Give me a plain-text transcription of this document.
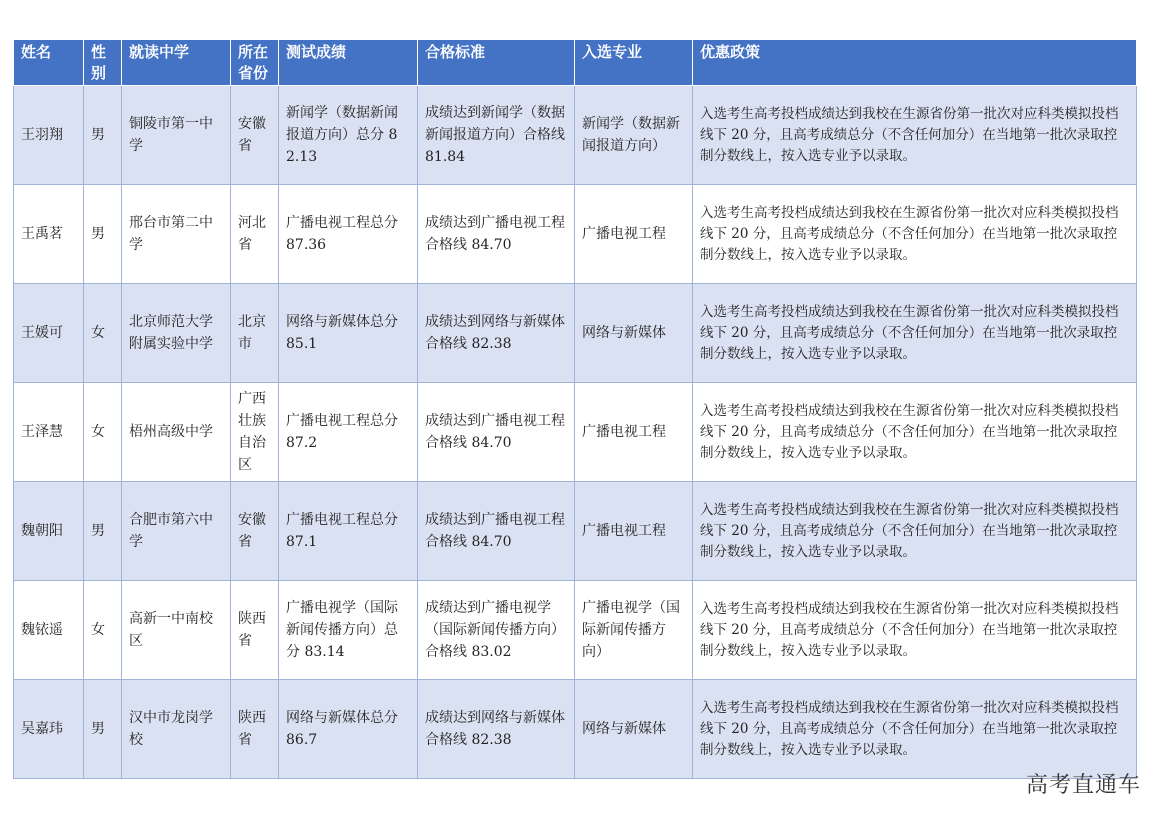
姓名	性别	就读中学	所在省份	测试成绩	合格标准	入选专业	优惠政策
王羽翔	男	铜陵市第一中学	安徽省	新闻学（数据新闻报道方向）总分 82.13	成绩达到新闻学（数据新闻报道方向）合格线 81.84	新闻学（数据新闻报道方向）	入选考生高考投档成绩达到我校在生源省份第一批次对应科类模拟投档线下 20 分，且高考成绩总分（不含任何加分）在当地第一批次录取控制分数线上，按入选专业予以录取。
王禹茗	男	邢台市第二中学	河北省	广播电视工程总分 87.36	成绩达到广播电视工程合格线 84.70	广播电视工程	入选考生高考投档成绩达到我校在生源省份第一批次对应科类模拟投档线下 20 分，且高考成绩总分（不含任何加分）在当地第一批次录取控制分数线上，按入选专业予以录取。
王媛可	女	北京师范大学附属实验中学	北京市	网络与新媒体总分 85.1	成绩达到网络与新媒体合格线 82.38	网络与新媒体	入选考生高考投档成绩达到我校在生源省份第一批次对应科类模拟投档线下 20 分，且高考成绩总分（不含任何加分）在当地第一批次录取控制分数线上，按入选专业予以录取。
王泽慧	女	梧州高级中学	广西壮族自治区	广播电视工程总分 87.2	成绩达到广播电视工程合格线 84.70	广播电视工程	入选考生高考投档成绩达到我校在生源省份第一批次对应科类模拟投档线下 20 分，且高考成绩总分（不含任何加分）在当地第一批次录取控制分数线上，按入选专业予以录取。
魏朝阳	男	合肥市第六中学	安徽省	广播电视工程总分 87.1	成绩达到广播电视工程合格线 84.70	广播电视工程	入选考生高考投档成绩达到我校在生源省份第一批次对应科类模拟投档线下 20 分，且高考成绩总分（不含任何加分）在当地第一批次录取控制分数线上，按入选专业予以录取。
魏铱遥	女	高新一中南校区	陕西省	广播电视学（国际新闻传播方向）总分 83.14	成绩达到广播电视学（国际新闻传播方向）合格线 83.02	广播电视学（国际新闻传播方向）	入选考生高考投档成绩达到我校在生源省份第一批次对应科类模拟投档线下 20 分，且高考成绩总分（不含任何加分）在当地第一批次录取控制分数线上，按入选专业予以录取。
吴嘉玮	男	汉中市龙岗学校	陕西省	网络与新媒体总分 86.7	成绩达到网络与新媒体合格线 82.38	网络与新媒体	入选考生高考投档成绩达到我校在生源省份第一批次对应科类模拟投档线下 20 分，且高考成绩总分（不含任何加分）在当地第一批次录取控制分数线上，按入选专业予以录取。
高考直通车
